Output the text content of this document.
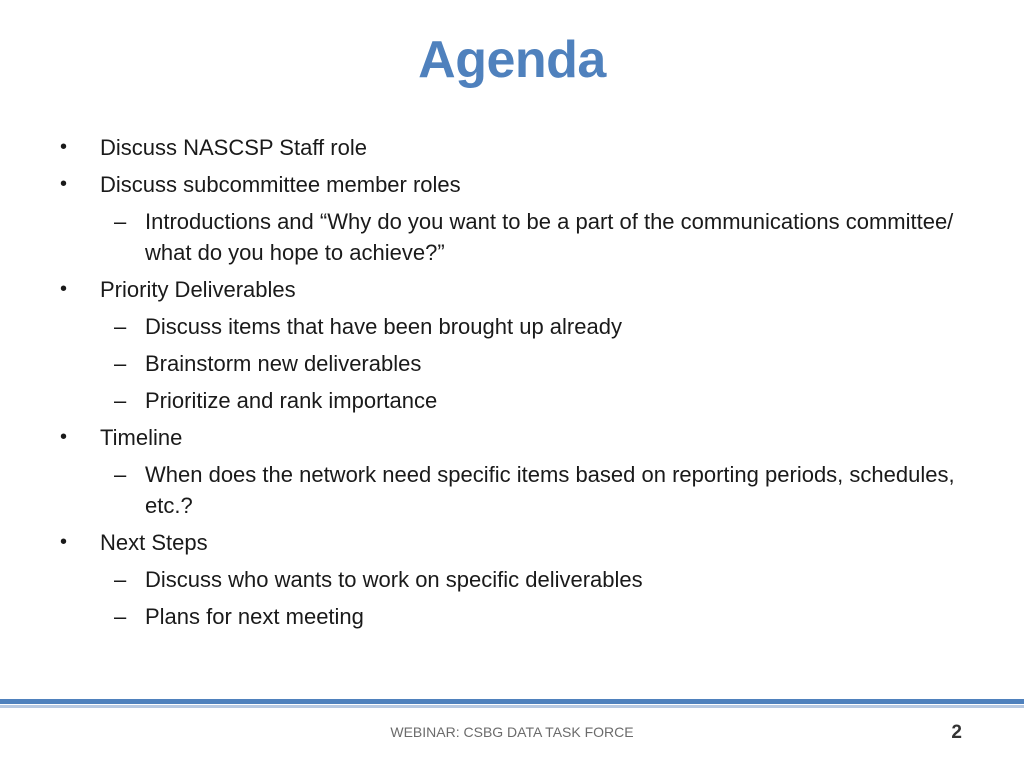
Agenda
• Discuss NASCSP Staff role
• Discuss subcommittee member roles
– Introductions and “Why do you want to be a part of the communications committee/ what do you hope to achieve?”
• Priority Deliverables
– Discuss items that have been brought up already
– Brainstorm new deliverables
– Prioritize and rank importance
• Timeline
– When does the network need specific items based on reporting periods, schedules, etc.?
• Next Steps
– Discuss who wants to work on specific deliverables
– Plans for next meeting
WEBINAR: CSBG DATA TASK FORCE	2
